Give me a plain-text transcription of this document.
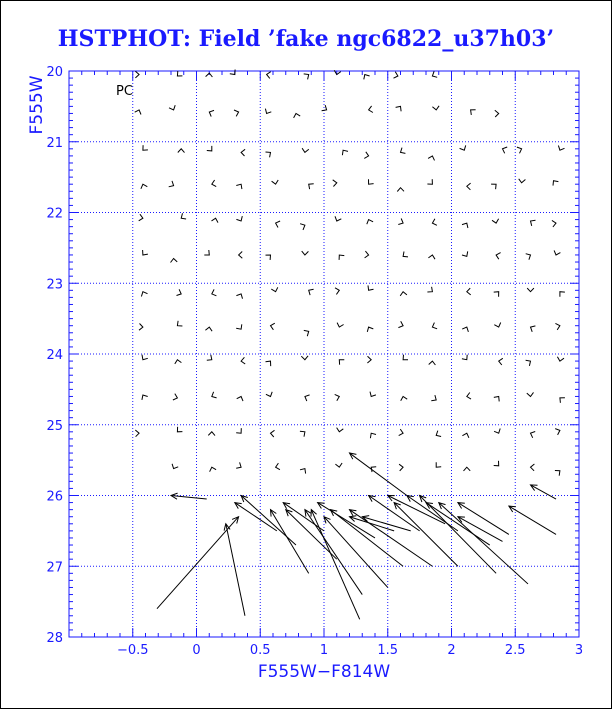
HSTPHOT: Field ’fake ngc6822_u37h03’
F555W
F555W−F814W
PC
−0.5	0	0.5	1	1.5	2	2.5	3
20
21
22
23
24
25
26
27
28
